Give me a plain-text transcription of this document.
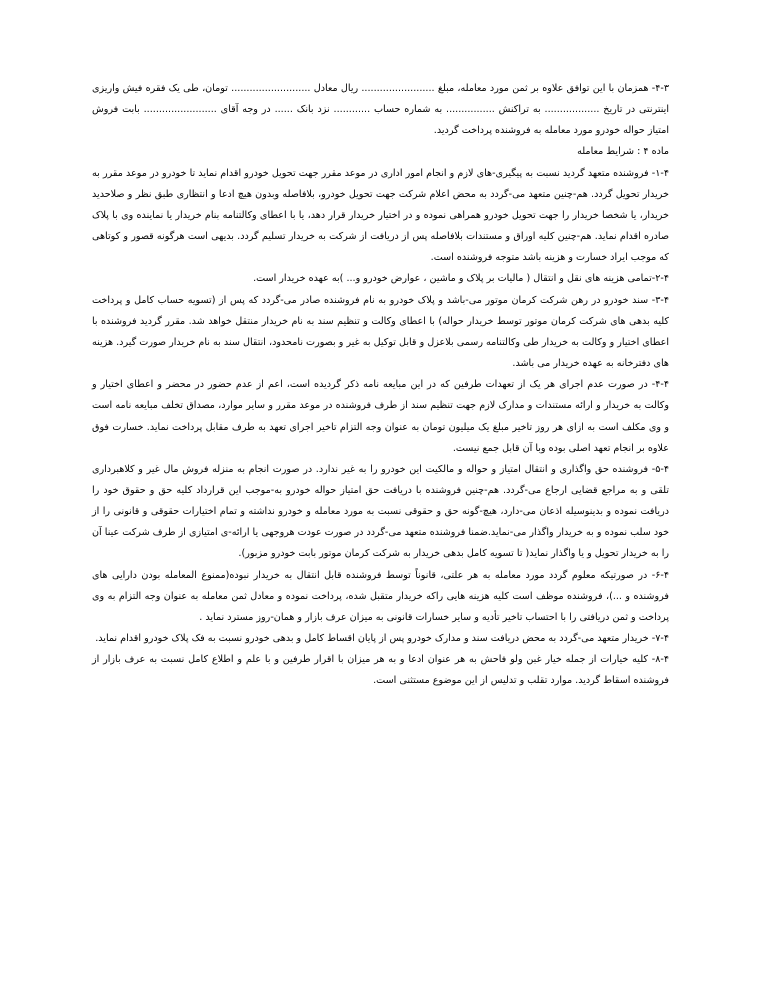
۴-۳- همزمان با این توافق علاوه بر ثمن مورد معامله، مبلغ ........................ ریال معادل .......................... تومان، طی یک فقره فیش واریزی اینترنتی در تاریخ .................. به تراکنش ................ به شماره حساب ............ نزد بانک ...... در وجه آقای ........................ بابت فروش امتیاز حواله خودرو مورد معامله به فروشنده پرداخت گردید.

ماده ۴ : شرایط معامله

۱-۴- فروشنده متعهد گردید نسبت به پیگیری-های لازم و انجام امور اداری در موعد مقرر جهت تحویل خودرو اقدام نماید تا خودرو در موعد مقرر به خریدار تحویل گردد. هم-چنین متعهد می-گردد به محض اعلام شرکت جهت تحویل خودرو، بلافاصله وبدون هیچ ادعا و انتظاری طبق نظر و صلاحدید خریدار، یا شخصا خریدار را جهت تحویل خودرو همراهی نموده و در اختیار خریدار قرار دهد، یا با اعطای وکالتنامه بنام خریدار یا نماینده وی با پلاک صادره اقدام نماید. هم-چنین کلیه اوراق و مستندات بلافاصله پس از دریافت از شرکت به خریدار تسلیم گردد. بدیهی است هرگونه قصور و کوتاهی که موجب ایراد خسارت و هزینه باشد متوجه فروشنده است.

۲-۴-تمامی هزینه های نقل و انتقال ( مالیات بر پلاک و ماشین ، عوارض خودرو و... )به عهده خریدار است.

۳-۴- سند خودرو در رهن شرکت کرمان موتور می-باشد و پلاک خودرو به نام فروشنده صادر می-گردد که پس از (تسویه حساب کامل و پرداخت کلیه بدهی های شرکت کرمان موتور توسط خریدار حواله) با اعطای وکالت و تنظیم سند به نام خریدار منتقل خواهد شد. مقرر گردید فروشنده با اعطای اختیار و وکالت به خریدار طی وکالتنامه رسمی بلاعزل و قابل توکیل به غیر و بصورت نامحدود، انتقال سند به نام خریدار صورت گیرد. هزینه های دفترخانه به عهده خریدار می باشد.

۴-۴- در صورت عدم اجرای هر یک از تعهدات طرفین که در این مبایعه نامه ذکر گردیده است، اعم از عدم حضور در محضر و اعطای اختیار و وکالت به خریدار و ارائه مستندات و مدارک لازم جهت تنظیم سند از طرف فروشنده در موعد مقرر و سایر موارد، مصداق تخلف مبایعه نامه است و وی مکلف است به ازای هر روز تاخیر مبلغ یک میلیون تومان به عنوان وجه التزام تاخیر اجرای تعهد به طرف مقابل پرداخت نماید. خسارت فوق علاوه بر انجام تعهد اصلی بوده وبا آن قابل جمع نیست.

۵-۴- فروشنده حق واگذاری و انتقال امتیاز و حواله و مالکیت این خودرو را به غیر ندارد. در صورت انجام به منزله فروش مال غیر و کلاهبرداری تلقی و به مراجع قضایی ارجاع می-گردد. هم-چنین فروشنده با دریافت حق امتیاز حواله خودرو به-موجب این قرارداد کلیه حق و حقوق خود را دریافت نموده و بدینوسیله اذعان می-دارد، هیچ-گونه حق و حقوقی نسبت به مورد معامله و خودرو نداشته و تمام اختیارات حقوقی و قانونی را از خود سلب نموده و به خریدار واگذار می-نماید.ضمنا فروشنده متعهد می-گردد در صورت عودت هروجهی یا ارائه-ی امتیازی از طرف شرکت عینا آن را به خریدار تحویل و یا واگذار نماید( تا تسویه کامل بدهی خریدار به شرکت کرمان موتور بابت خودرو مزبور).

۶-۴- در صورتیکه معلوم گردد مورد معامله به هر علتی، قانوناً توسط فروشنده قابل انتقال به خریدار نبوده(ممنوع المعامله بودن دارایی های فروشنده و ...)، فروشنده موظف است کلیه هزینه هایی راکه خریدار متقبل شده، پرداخت نموده و معادل ثمن معامله به عنوان وجه التزام به وی پرداخت و ثمن دریافتی را با احتساب تاخیر تأدیه و سایر خسارات قانونی به میزان عرف بازار و همان-روز مسترد نماید .

۷-۴- خریدار متعهد می-گردد به محض دریافت سند و مدارک خودرو پس از پایان اقساط کامل و بدهی خودرو نسبت به فک پلاک خودرو اقدام نماید.

۸-۴- کلیه خیارات از جمله خیار غبن ولو فاحش به هر عنوان ادعا و به هر میزان با اقرار طرفین و با علم و اطلاع کامل نسبت به عرف بازار از فروشنده اسقاط گردید. موارد تقلب و تدلیس از این موضوع مستثنی است.
